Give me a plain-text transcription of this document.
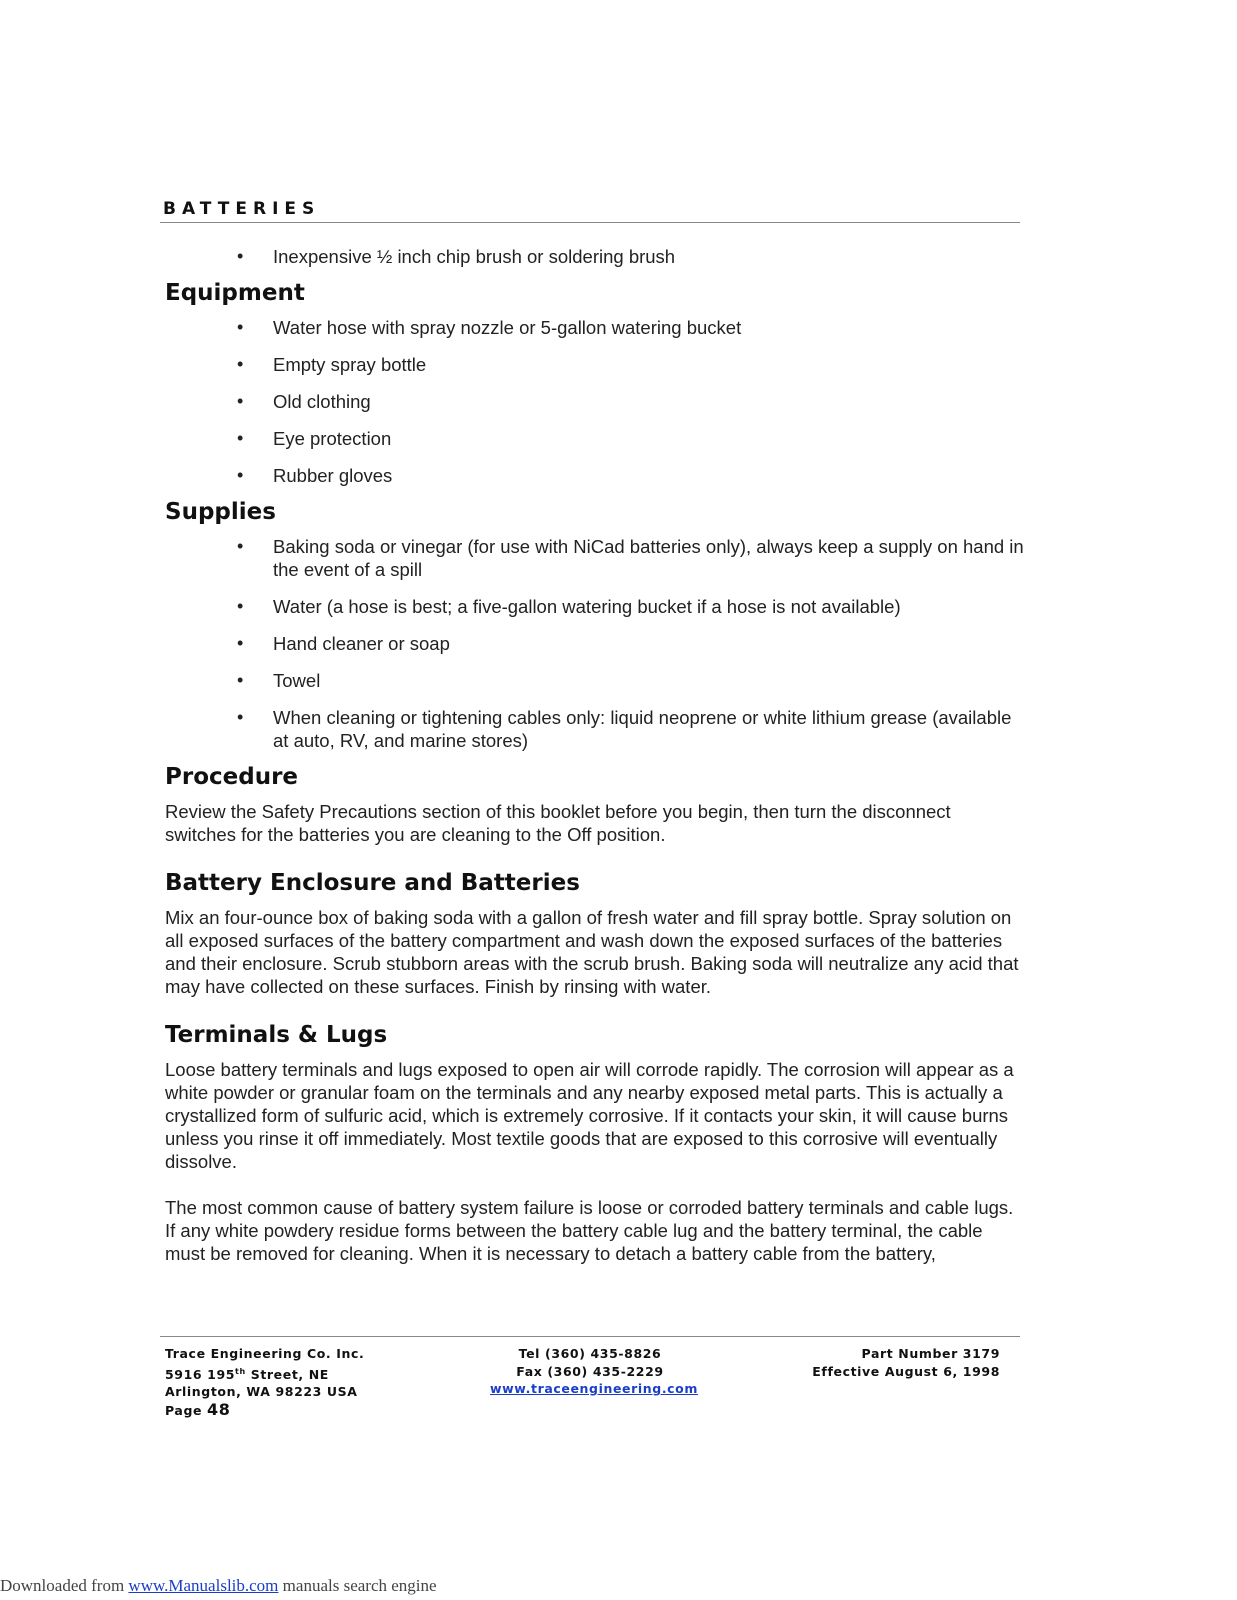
BATTERIES
• Inexpensive ½ inch chip brush or soldering brush
Equipment
• Water hose with spray nozzle or 5-gallon watering bucket
• Empty spray bottle
• Old clothing
• Eye protection
• Rubber gloves
Supplies
• Baking soda or vinegar (for use with NiCad batteries only), always keep a supply on hand in the event of a spill
• Water (a hose is best; a five-gallon watering bucket if a hose is not available)
• Hand cleaner or soap
• Towel
• When cleaning or tightening cables only: liquid neoprene or white lithium grease (available at auto, RV, and marine stores)
Procedure

Review the Safety Precautions section of this booklet before you begin, then turn the disconnect switches for the batteries you are cleaning to the Off position.

Battery Enclosure and Batteries

Mix an four-ounce box of baking soda with a gallon of fresh water and fill spray bottle. Spray solution on all exposed surfaces of the battery compartment and wash down the exposed surfaces of the batteries and their enclosure. Scrub stubborn areas with the scrub brush. Baking soda will neutralize any acid that may have collected on these surfaces. Finish by rinsing with water.

Terminals & Lugs

Loose battery terminals and lugs exposed to open air will corrode rapidly. The corrosion will appear as a white powder or granular foam on the terminals and any nearby exposed metal parts. This is actually a crystallized form of sulfuric acid, which is extremely corrosive. If it contacts your skin, it will cause burns unless you rinse it off immediately. Most textile goods that are exposed to this corrosive will eventually dissolve.

The most common cause of battery system failure is loose or corroded battery terminals and cable lugs. If any white powdery residue forms between the battery cable lug and the battery terminal, the cable must be removed for cleaning. When it is necessary to detach a battery cable from the battery,

Trace Engineering Co. Inc.
5916 195th Street, NE
Arlington, WA 98223 USA
Page 48
Tel (360) 435-8826
Fax (360) 435-2229
www.traceengineering.com
Part Number 3179
Effective August 6, 1998
Downloaded from www.Manualslib.com manuals search engine
